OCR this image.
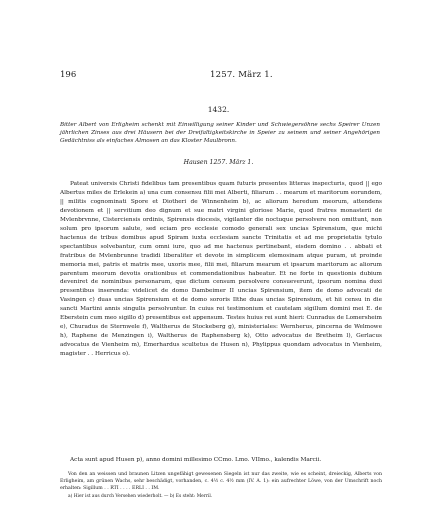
196	1257. März 1.
1432.
Bitter Albert von Erligheim schenkt mit Einwilligung seiner Kinder und Schwiegersöhne sechs Speirer Unzen jährlichen Zinses aus drei Häusern bei der Dreifaltigkeitskirche in Speier zu seinem und seiner Angehörigen Gedächtniss als einfaches Almosen an das Kloster Maulbronn.
Hausen 1257. März 1.

Pateat universis Christi fidelibus tam presentibus quam futuris presentes litteras inspecturis, quod || ego Albertus miles de Erlekein a) una cum consensu filii mei Alberti, filiarum . . mearum et maritorum eorundem, || militis cognominati Spore et Diotheri de Winnenheim b), ac aliorum heredum meorum, attendens devotionem et || servitium deo dignum et sue matri virgini gloriose Marie, quod fratres monasterii de Mvlenbrvnne, Cisterciensis ordinis, Spirensis diocesis, vigilanter die noctuque persolvere non omittunt, non solum pro ipsorum salute, sed eciam pro ecclesie comodo generali sex uncias Spirensium, que michi hactenus de tribus domibus apud Spiram iuxta ecclesiam sancte Trinitatis et ad me proprietatis tytulo spectantibus solvebantur, cum omni iure, quo ad me hactenus pertinebant, eisdem domino . . abbati et fratribus de Mvlenbrunne tradidi liberaliter et devote in simplicem elemosinam atque puram, ut proinde memoria mei, patris et matris mee, uxoris mee, filii mei, filiarum mearum et ipsarum maritorum ac aliorum parentum meorum devotis orationibus et commendationibus habeatur. Et ne forte in questionis dubium deveniret de nominibus personarum, que dictum censum persolvere consueverunt, ipsorum nomina duxi presentibus inserenda: videlicet de domo Dambeimer II uncias Spirensium, item de domo advocati de Vasingen c) duas uncias Spirensium et de domo sororis Ilthe duas uncias Spirensium, et hii censu in die sancti Martini annis singulis persolvuntur. In cuius rei testimonium et cautelam sigillum domini mei E. de Eberstein cum meo sigillo d) presentibus est appensum. Testes huius rei sunt hieri: Cunradus de Lomersheim e), Churadus de Sternwele f), Waltherus de Stockeberg g), ministeriales: Wernherus, pincerna de Welmowe h), Raphene de Menzingen i), Waltherus de Raphensberg k), Otto advocatus de Bretheim l), Gerlacus advocatus de Vienheim m), Emerhardus scultetus de Husen n), Phylippus quondam advocatus in Vienheim, magister . . Herricus o).

Acta sunt apud Husen p), anno domini millesimo CCmo. Lmo. VIImo., kalendis Marcii.

Von den an weissen und braunen Litzen ungefähigt gewesenen Siegeln ist nur das zweite, wie es scheint, dreieckig, Alberts von Erligheim, am grünen Wachs, sehr beschädigt, vorhanden, c. 4½ c. 4½ mm (IV. A. 1): ein aufrechter Löwe, von der Umschrift noch erhalten: Sigillum . . RTI . . . . ERLI . . IM.

a) Hier ist aus durch Versehen wiederholt. — b) Es steht: Merril.
